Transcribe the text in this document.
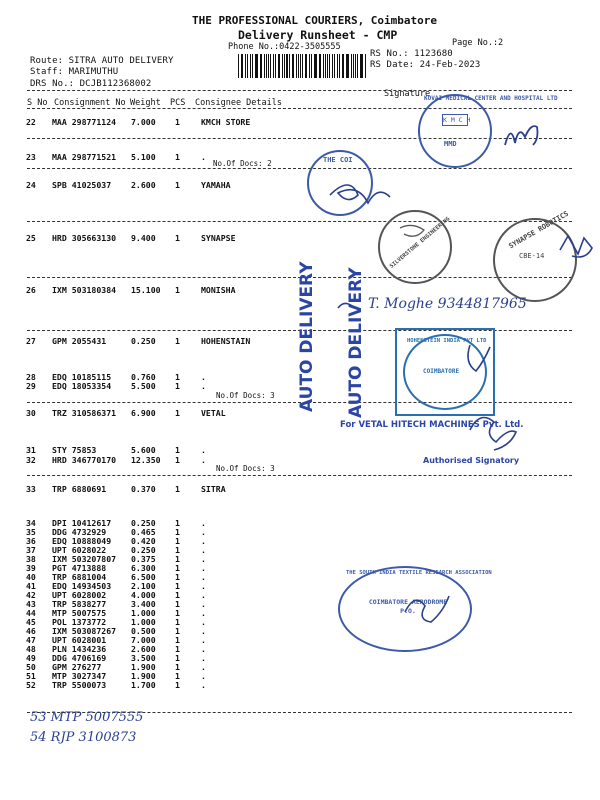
THE PROFESSIONAL COURIERS, Coimbatore
Delivery Runsheet - CMP
Phone No.:0422-3505555	Page No.:2
Route: SITRA AUTO DELIVERY
Staff: MARIMUTHU
DRS No.: DCJB112368002
RS No.: 1123680
RS Date: 24-Feb-2023
S No Consignment No Weight PCS Consignee Details
Signature
22 MAA 298771124 7.000 1	KMCH STORE
23 MAA 298771521 5.100 1	.
24 SPB 41025037 2.600 1	YAMAHA
25 HRD 305663130 9.400 1	SYNAPSE
26 IXM 503180384 15.100 1	MONISHA
27 GPM 2055431	0.250 1	HOHENSTAIN
28 EDQ 10185115 0.760 1	.
29 EDQ 18053354 5.500 1	.
30 TRZ 310586371 6.900 1	VETAL
31 STY 75853	5.600 1	.
32 HRD 346770170 12.350 1	.
33 TRP 6880691	0.370 1	SITRA
34 DPI 10412617 0.250 1	.
35 DDG 4732929	0.465 1	.
36 EDQ 10888049 0.420 1	.
37 UPT 6028022	0.250 1	.
38 IXM 503207807 0.375 1	.
39 PGT 4713888	6.300 1	.
40 TRP 6881004	6.500 1	.
41 EDQ 14934503 2.100 1	.
42 UPT 6028002	4.000 1	.
43 TRP 5838277	3.400 1	.
44 MTP 5007575	1.000 1	.
45 POL 1373772	1.000 1	.
46 IXM 503087267 0.500 1	.
47 UPT 6028001	7.000 1	.
48 PLN 1434236	2.600 1	.
49 DDG 4706169	3.500 1	.
50 GPM 276277	1.900 1	.
51 MTP 3027347	1.900 1	.
52 TRP 5500073	1.700 1	.
No.Of Docs: 2
No.Of Docs: 3
No.Of Docs: 3
KOVAI MEDICAL CENTER AND HOSPITAL LTD
K M C H
MMD
THE COI
SILVERSTONE ENGINEERING	SYNAPSE ROBOTICS
CBE-14
HOHENSTEIN INDIA PVT LTD
COIMBATORE
For VETAL HITECH MACHINES Pvt. Ltd.
Authorised Signatory
THE SOUTH INDIA TEXTILE RESEARCH ASSOCIATION
COIMBATORE AERODROME P.O.
AUTO DELIVERY AUTO DELIVERY T. Moghe 9344817965
53 MTP 5007555
54 RJP 3100873
